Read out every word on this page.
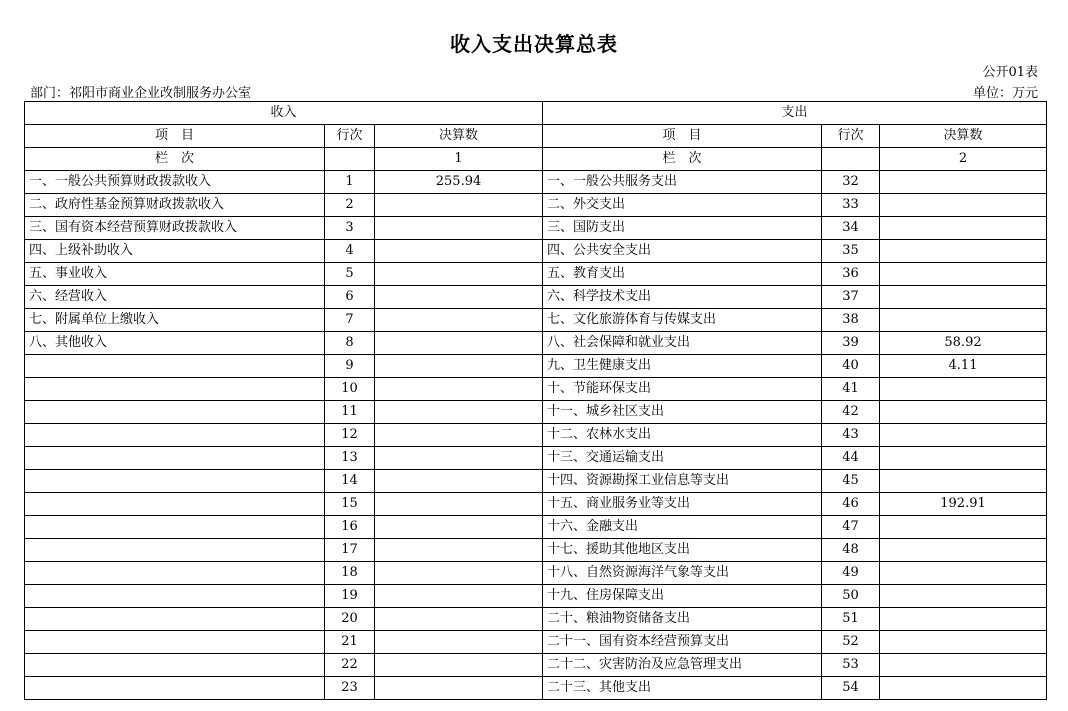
收入支出决算总表
公开01表
部门：祁阳市商业企业改制服务办公室	单位：万元
收入			支出		
项　目	行次	决算数	项　目	行次	决算数
栏　次		1	栏　次		2
一、一般公共预算财政拨款收入	1	255.94	一、一般公共服务支出	32	
二、政府性基金预算财政拨款收入	2		二、外交支出	33	
三、国有资本经营预算财政拨款收入	3		三、国防支出	34	
四、上级补助收入	4		四、公共安全支出	35	
五、事业收入	5		五、教育支出	36	
六、经营收入	6		六、科学技术支出	37	
七、附属单位上缴收入	7		七、文化旅游体育与传媒支出	38	
八、其他收入	8		八、社会保障和就业支出	39	58.92
	9		九、卫生健康支出	40	4.11
	10		十、节能环保支出	41	
	11		十一、城乡社区支出	42	
	12		十二、农林水支出	43	
	13		十三、交通运输支出	44	
	14		十四、资源勘探工业信息等支出	45	
	15		十五、商业服务业等支出	46	192.91
	16		十六、金融支出	47	
	17		十七、援助其他地区支出	48	
	18		十八、自然资源海洋气象等支出	49	
	19		十九、住房保障支出	50	
	20		二十、粮油物资储备支出	51	
	21		二十一、国有资本经营预算支出	52	
	22		二十二、灾害防治及应急管理支出	53	
	23		二十三、其他支出	54	
